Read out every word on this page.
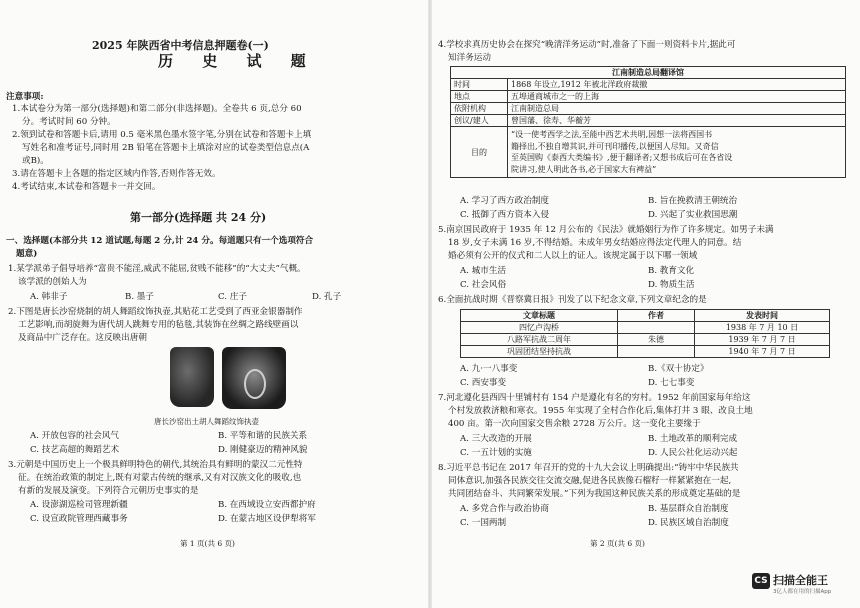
2025 年陕西省中考信息押题卷(一)
历 史 试 题
注意事项:
1.本试卷分为第一部分(选择题)和第二部分(非选择题)。全卷共 6 页,总分 60
分。考试时间 60 分钟。
2.领到试卷和答题卡后,请用 0.5 毫米黑色墨水签字笔,分别在试卷和答题卡上填
写姓名和准考证号,同时用 2B 铅笔在答题卡上填涂对应的试卷类型信息点(A
或B)。
3.请在答题卡上各题的指定区域内作答,否则作答无效。
4.考试结束,本试卷和答题卡一并交回。
第一部分(选择题 共 24 分)
一、选择题(本部分共 12 道试题,每题 2 分,计 24 分。每道题只有一个选项符合
题意)
1.某学派弟子倡导培养“富贵不能淫,威武不能屈,贫贱不能移”的“大丈夫”气概。
该学派的创始人为
A. 韩非子	B. 墨子	C. 庄子	D. 孔子
2.下图是唐长沙窑烧制的胡人舞蹈纹饰执壶,其贴花工艺受到了西亚金银器制作
工艺影响,而胡旋舞为唐代胡人跳舞专用的毡毯,其装饰在丝绸之路线壁画以
及商品中广泛存在。这反映出唐朝
唐长沙窑出土胡人舞蹈纹饰执壶
A. 开放包容的社会风气	B. 平等和谐的民族关系
C. 技艺高超的舞蹈艺术	D. 刚健豪迈的精神风貌
3.元朝是中国历史上一个极具鲜明特色的朝代,其统治具有鲜明的蒙汉二元性特
征。在统治政策的制定上,既有对蒙古传统的继承,又有对汉族文化的吸收,也
有新的发展及演变。下列符合元朝历史事实的是
A. 设澎湖巡检司管理新疆	B. 在西域设立安西都护府
C. 设宣政院管理西藏事务	D. 在蒙古地区设伊犁将军
第 1 页(共 6 页)
4.学校求真历史协会在探究“晚清洋务运动”时,准备了下面一则资料卡片,据此可
知洋务运动
江南制造总局翻译馆	
时间	1868 年设立,1912 年被北洋政府裁撤
地点	五埠通商城市之一的上海
依附机构	江南制造总局
创议/建人	曾国藩、徐寿、华蘅芳
目的	“设一使考西学之法,至能中西艺术共明,因想一法将西国书
籍择出,不独自增其识,并可刊印播传,以便国人尽知。又奇信
至英国购《泰西大类编书》,便于翻译者;又想书成后可在各省设
院讲习,使人明此各书,必于国家大有裨益”
A. 学习了西方政治制度	B. 旨在挽救清王朝统治
C. 抵御了西方资本入侵	D. 兴起了实业救国思潮
5.南京国民政府于 1935 年 12 月公布的《民法》就婚姻行为作了许多规定。如男子未满
18 岁,女子未满 16 岁,不得结婚。未成年男女结婚应得法定代理人的同意。结
婚必须有公开的仪式和二人以上的证人。该规定属于以下哪一领域
A. 城市生活	B. 教育文化
C. 社会风俗	D. 物质生活
6.全面抗战时期《晋察冀日报》刊发了以下纪念文章,下列文章纪念的是
文章标题	作者	发表时间
四忆卢沟桥		1938 年 7 月 10 日
八路军抗战二周年	朱德	1939 年 7 月 7 日
巩固团结坚持抗战		1940 年 7 月 7 日
A. 九·一八事变	B.《双十协定》
C. 西安事变	D. 七七事变
7.河北遵化县西四十里铺村有 154 户是遵化有名的穷村。1952 年前国家每年给这
个村发放救济粮和寒衣。1955 年实现了全村合作化后,集体打井 3 眼、改良土地
400 亩。第一次向国家交售余粮 2728 万公斤。这一变化主要缘于
A. 三大改造的开展	B. 土地改革的顺利完成
C. 一五计划的实施	D. 人民公社化运动兴起
8.习近平总书记在 2017 年召开的党的十九大会议上明确提出:“铸牢中华民族共
同体意识,加强各民族交往交流交融,促进各民族像石榴籽一样紧紧抱在一起,
共同团结奋斗、共同繁荣发展。”下列为我国这种民族关系的形成奠定基础的是
A. 多党合作与政治协商	B. 基层群众自治制度
C. 一国两制	D. 民族区域自治制度
第 2 页(共 6 页)
CS 扫描全能王
3亿人都在用的扫描App
